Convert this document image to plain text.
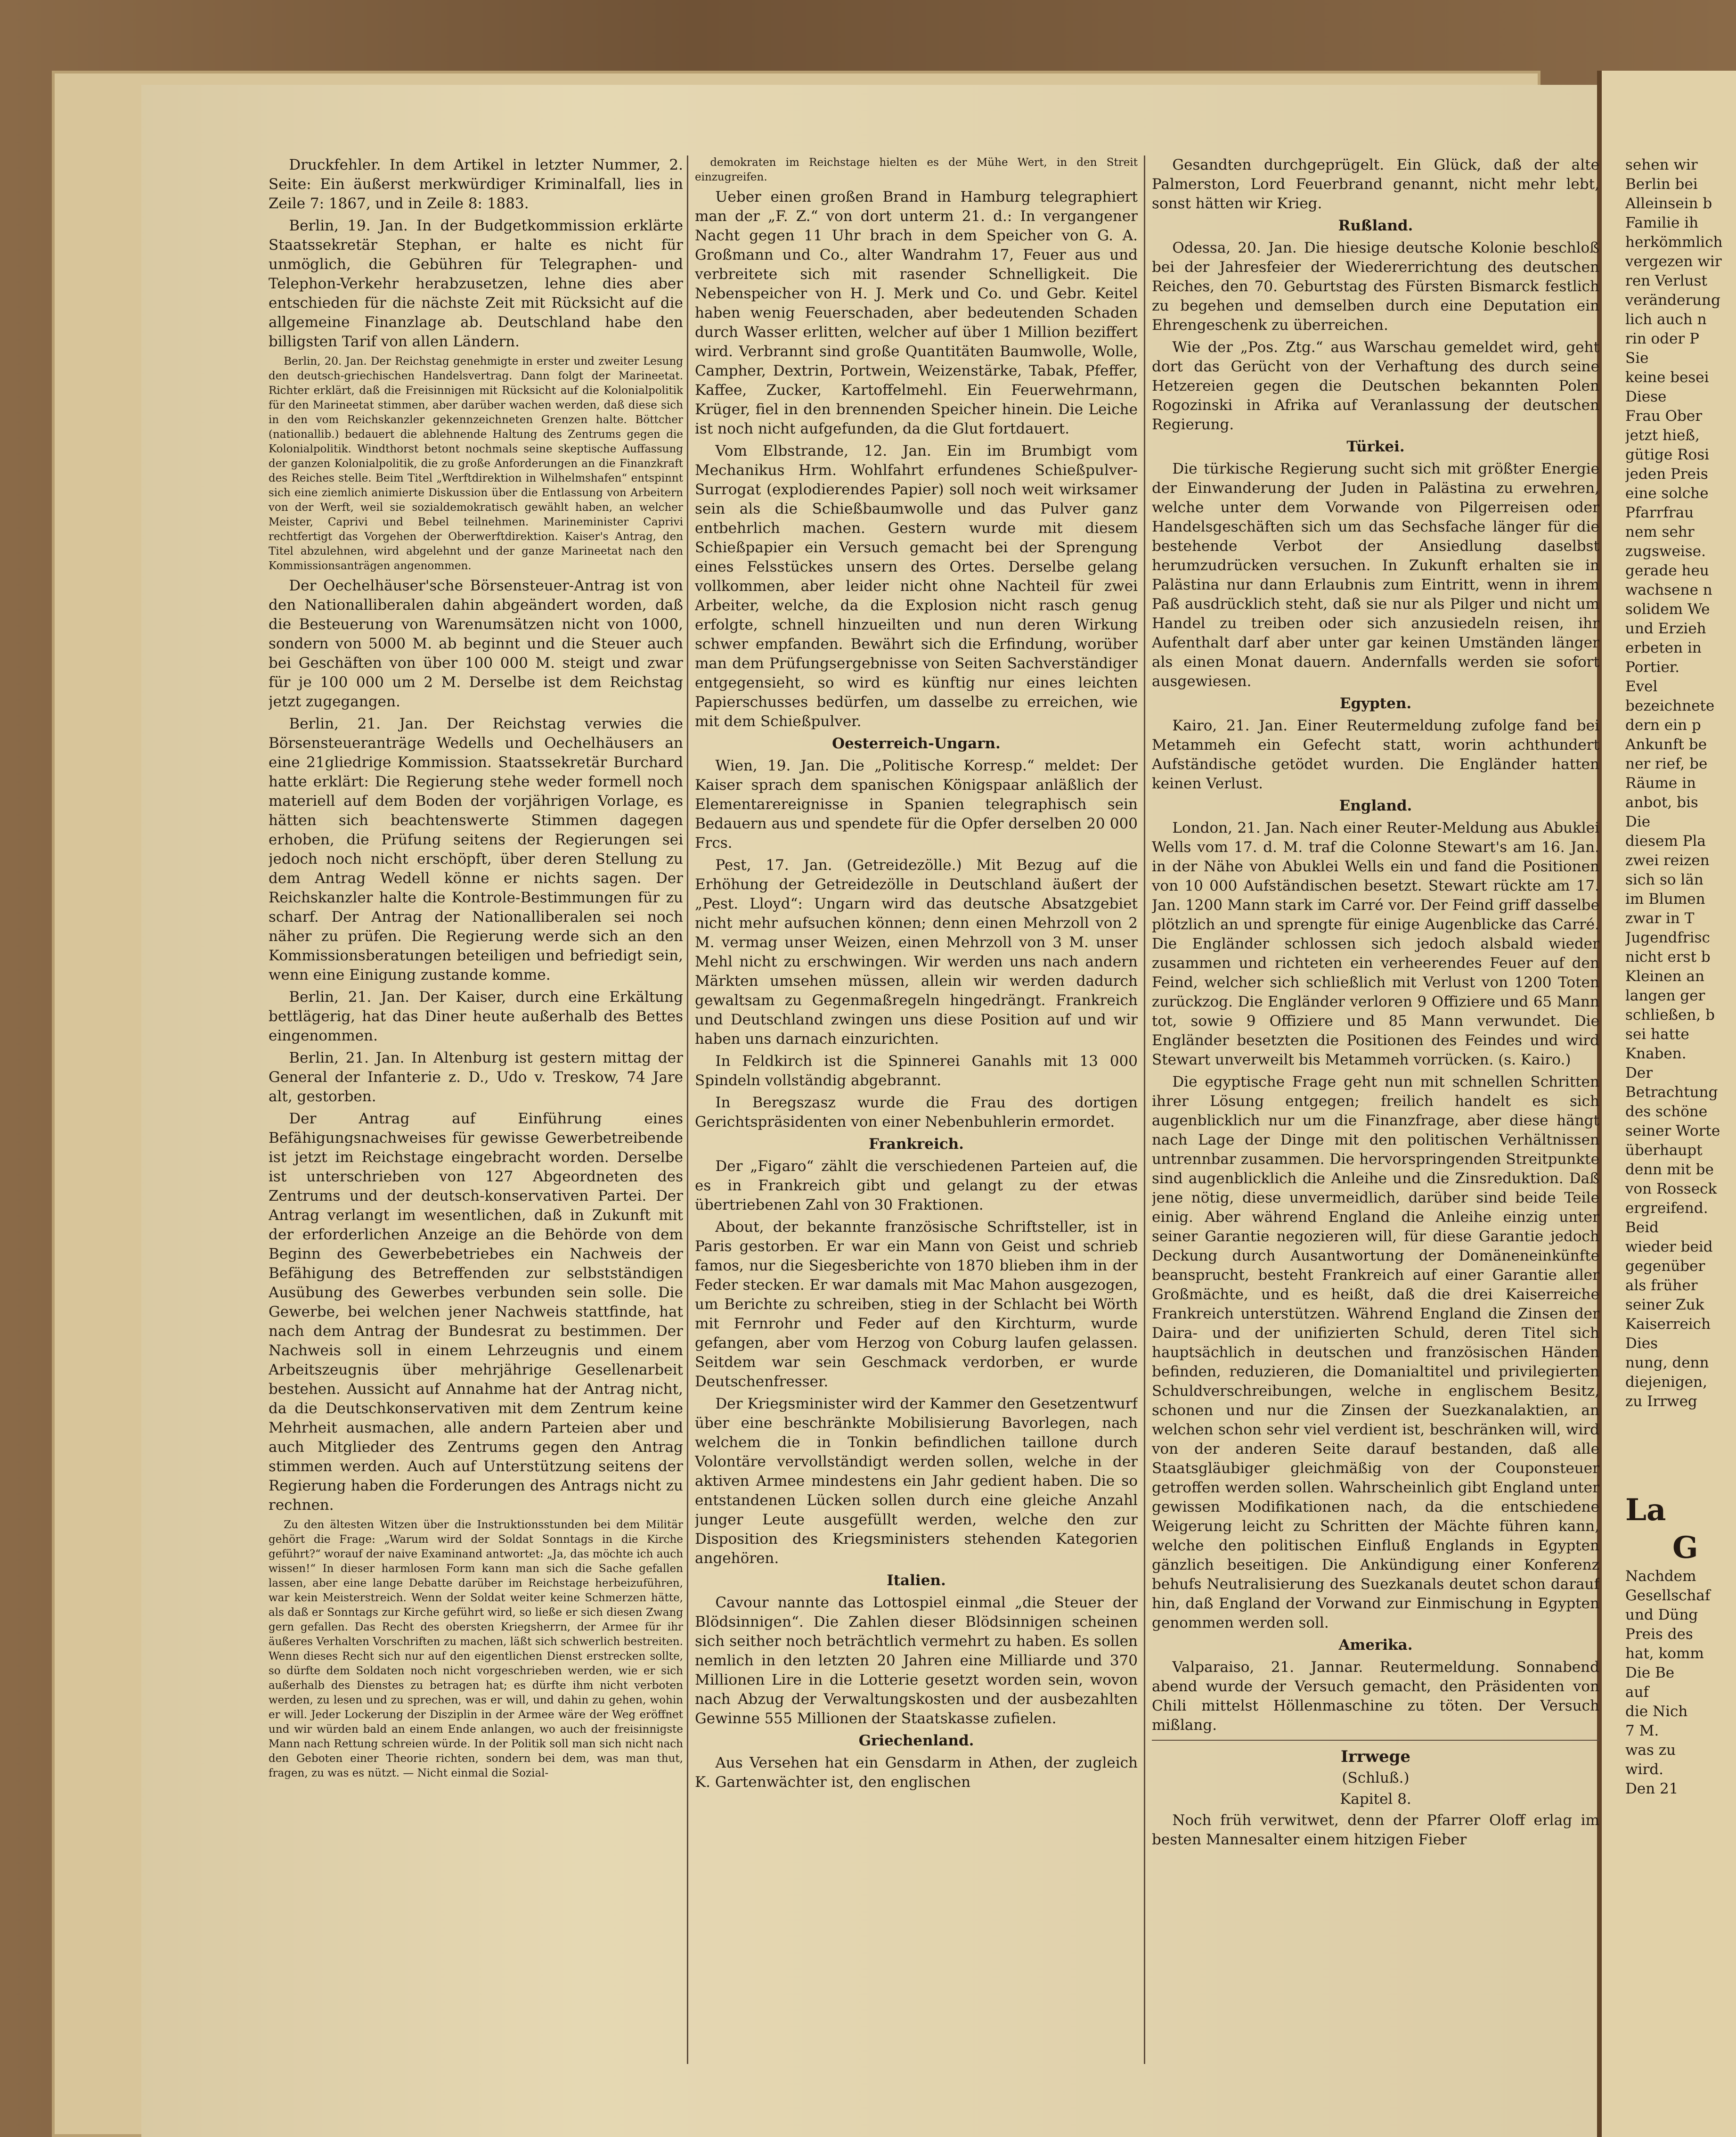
Druckfehler. In dem Artikel in letzter Nummer, 2. Seite: Ein äußerst merkwürdiger Kriminalfall, lies in Zeile 7: 1867, und in Zeile 8: 1883.

Berlin, 19. Jan. In der Budgetkommission erklärte Staatssekretär Stephan, er halte es nicht für unmöglich, die Gebühren für Telegraphen- und Telephon-Verkehr herabzusetzen, lehne dies aber entschieden für die nächste Zeit mit Rücksicht auf die allgemeine Finanzlage ab. Deutschland habe den billigsten Tarif von allen Ländern.

Berlin, 20. Jan. Der Reichstag genehmigte in erster und zweiter Lesung den deutsch-griechischen Handelsvertrag. Dann folgt der Marineetat. Richter erklärt, daß die Freisinnigen mit Rücksicht auf die Kolonialpolitik für den Marineetat stimmen, aber darüber wachen werden, daß diese sich in den vom Reichskanzler gekennzeichneten Grenzen halte. Böttcher (nationallib.) bedauert die ablehnende Haltung des Zentrums gegen die Kolonialpolitik. Windthorst betont nochmals seine skeptische Auffassung der ganzen Kolonialpolitik, die zu große Anforderungen an die Finanzkraft des Reiches stelle. Beim Titel „Werftdirektion in Wilhelmshafen“ entspinnt sich eine ziemlich animierte Diskussion über die Entlassung von Arbeitern von der Werft, weil sie sozialdemokratisch gewählt haben, an welcher Meister, Caprivi und Bebel teilnehmen. Marineminister Caprivi rechtfertigt das Vorgehen der Oberwerftdirektion. Kaiser's Antrag, den Titel abzulehnen, wird abgelehnt und der ganze Marineetat nach den Kommissionsanträgen angenommen.

Der Oechelhäuser'sche Börsensteuer-Antrag ist von den Nationalliberalen dahin abgeändert worden, daß die Besteuerung von Warenumsätzen nicht von 1000, sondern von 5000 M. ab beginnt und die Steuer auch bei Geschäften von über 100 000 M. steigt und zwar für je 100 000 um 2 M. Derselbe ist dem Reichstag jetzt zugegangen.

Berlin, 21. Jan. Der Reichstag verwies die Börsensteueranträge Wedells und Oechelhäusers an eine 21gliedrige Kommission. Staatssekretär Burchard hatte erklärt: Die Regierung stehe weder formell noch materiell auf dem Boden der vorjährigen Vorlage, es hätten sich beachtenswerte Stimmen dagegen erhoben, die Prüfung seitens der Regierungen sei jedoch noch nicht erschöpft, über deren Stellung zu dem Antrag Wedell könne er nichts sagen. Der Reichskanzler halte die Kontrole-Bestimmungen für zu scharf. Der Antrag der Nationalliberalen sei noch näher zu prüfen. Die Regierung werde sich an den Kommissionsberatungen beteiligen und befriedigt sein, wenn eine Einigung zustande komme.

Berlin, 21. Jan. Der Kaiser, durch eine Erkältung bettlägerig, hat das Diner heute außerhalb des Bettes eingenommen.

Berlin, 21. Jan. In Altenburg ist gestern mittag der General der Infanterie z. D., Udo v. Treskow, 74 Jare alt, gestorben.

Der Antrag auf Einführung eines Befähigungsnachweises für gewisse Gewerbetreibende ist jetzt im Reichstage eingebracht worden. Derselbe ist unterschrieben von 127 Abgeordneten des Zentrums und der deutsch-konservativen Partei. Der Antrag verlangt im wesentlichen, daß in Zukunft mit der erforderlichen Anzeige an die Behörde von dem Beginn des Gewerbebetriebes ein Nachweis der Befähigung des Betreffenden zur selbstständigen Ausübung des Gewerbes verbunden sein solle. Die Gewerbe, bei welchen jener Nachweis stattfinde, hat nach dem Antrag der Bundesrat zu bestimmen. Der Nachweis soll in einem Lehrzeugnis und einem Arbeitszeugnis über mehrjährige Gesellenarbeit bestehen. Aussicht auf Annahme hat der Antrag nicht, da die Deutschkonservativen mit dem Zentrum keine Mehrheit ausmachen, alle andern Parteien aber und auch Mitglieder des Zentrums gegen den Antrag stimmen werden. Auch auf Unterstützung seitens der Regierung haben die Forderungen des Antrags nicht zu rechnen.

Zu den ältesten Witzen über die Instruktionsstunden bei dem Militär gehört die Frage: „Warum wird der Soldat Sonntags in die Kirche geführt?“ worauf der naive Examinand antwortet: „Ja, das möchte ich auch wissen!“ In dieser harmlosen Form kann man sich die Sache gefallen lassen, aber eine lange Debatte darüber im Reichstage herbeizuführen, war kein Meisterstreich. Wenn der Soldat weiter keine Schmerzen hätte, als daß er Sonntags zur Kirche geführt wird, so ließe er sich diesen Zwang gern gefallen. Das Recht des obersten Kriegsherrn, der Armee für ihr äußeres Verhalten Vorschriften zu machen, läßt sich schwerlich bestreiten. Wenn dieses Recht sich nur auf den eigentlichen Dienst erstrecken sollte, so dürfte dem Soldaten noch nicht vorgeschrieben werden, wie er sich außerhalb des Dienstes zu betragen hat; es dürfte ihm nicht verboten werden, zu lesen und zu sprechen, was er will, und dahin zu gehen, wohin er will. Jeder Lockerung der Disziplin in der Armee wäre der Weg eröffnet und wir würden bald an einem Ende anlangen, wo auch der freisinnigste Mann nach Rettung schreien würde. In der Politik soll man sich nicht nach den Geboten einer Theorie richten, sondern bei dem, was man thut, fragen, zu was es nützt. — Nicht einmal die Sozial-

demokraten im Reichstage hielten es der Mühe Wert, in den Streit einzugreifen.

Ueber einen großen Brand in Hamburg telegraphiert man der „F. Z.“ von dort unterm 21. d.: In vergangener Nacht gegen 11 Uhr brach in dem Speicher von G. A. Großmann und Co., alter Wandrahm 17, Feuer aus und verbreitete sich mit rasender Schnelligkeit. Die Nebenspeicher von H. J. Merk und Co. und Gebr. Keitel haben wenig Feuerschaden, aber bedeutenden Schaden durch Wasser erlitten, welcher auf über 1 Million beziffert wird. Verbrannt sind große Quantitäten Baumwolle, Wolle, Campher, Dextrin, Portwein, Weizenstärke, Tabak, Pfeffer, Kaffee, Zucker, Kartoffelmehl. Ein Feuerwehrmann, Krüger, fiel in den brennenden Speicher hinein. Die Leiche ist noch nicht aufgefunden, da die Glut fortdauert.

Vom Elbstrande, 12. Jan. Ein im Brumbigt vom Mechanikus Hrm. Wohlfahrt erfundenes Schießpulver-Surrogat (explodierendes Papier) soll noch weit wirksamer sein als die Schießbaumwolle und das Pulver ganz entbehrlich machen. Gestern wurde mit diesem Schießpapier ein Versuch gemacht bei der Sprengung eines Felsstückes unsern des Ortes. Derselbe gelang vollkommen, aber leider nicht ohne Nachteil für zwei Arbeiter, welche, da die Explosion nicht rasch genug erfolgte, schnell hinzueilten und nun deren Wirkung schwer empfanden. Bewährt sich die Erfindung, worüber man dem Prüfungsergebnisse von Seiten Sachverständiger entgegensieht, so wird es künftig nur eines leichten Papierschusses bedürfen, um dasselbe zu erreichen, wie mit dem Schießpulver.

Oesterreich-Ungarn.

Wien, 19. Jan. Die „Politische Korresp.“ meldet: Der Kaiser sprach dem spanischen Königspaar anläßlich der Elementarereignisse in Spanien telegraphisch sein Bedauern aus und spendete für die Opfer derselben 20 000 Frcs.

Pest, 17. Jan. (Getreidezölle.) Mit Bezug auf die Erhöhung der Getreidezölle in Deutschland äußert der „Pest. Lloyd“: Ungarn wird das deutsche Absatzgebiet nicht mehr aufsuchen können; denn einen Mehrzoll von 2 M. vermag unser Weizen, einen Mehrzoll von 3 M. unser Mehl nicht zu erschwingen. Wir werden uns nach andern Märkten umsehen müssen, allein wir werden dadurch gewaltsam zu Gegenmaßregeln hingedrängt. Frankreich und Deutschland zwingen uns diese Position auf und wir haben uns darnach einzurichten.

In Feldkirch ist die Spinnerei Ganahls mit 13 000 Spindeln vollständig abgebrannt.

In Beregszasz wurde die Frau des dortigen Gerichtspräsidenten von einer Nebenbuhlerin ermordet.

Frankreich.

Der „Figaro“ zählt die verschiedenen Parteien auf, die es in Frankreich gibt und gelangt zu der etwas übertriebenen Zahl von 30 Fraktionen.

About, der bekannte französische Schriftsteller, ist in Paris gestorben. Er war ein Mann von Geist und schrieb famos, nur die Siegesberichte von 1870 blieben ihm in der Feder stecken. Er war damals mit Mac Mahon ausgezogen, um Berichte zu schreiben, stieg in der Schlacht bei Wörth mit Fernrohr und Feder auf den Kirchturm, wurde gefangen, aber vom Herzog von Coburg laufen gelassen. Seitdem war sein Geschmack verdorben, er wurde Deutschenfresser.

Der Kriegsminister wird der Kammer den Gesetzentwurf über eine beschränkte Mobilisierung Bavorlegen, nach welchem die in Tonkin befindlichen taillone durch Volontäre vervollständigt werden sollen, welche in der aktiven Armee mindestens ein Jahr gedient haben. Die so entstandenen Lücken sollen durch eine gleiche Anzahl junger Leute ausgefüllt werden, welche den zur Disposition des Kriegsministers stehenden Kategorien angehören.

Italien.

Cavour nannte das Lottospiel einmal „die Steuer der Blödsinnigen“. Die Zahlen dieser Blödsinnigen scheinen sich seither noch beträchtlich vermehrt zu haben. Es sollen nemlich in den letzten 20 Jahren eine Milliarde und 370 Millionen Lire in die Lotterie gesetzt worden sein, wovon nach Abzug der Verwaltungskosten und der ausbezahlten Gewinne 555 Millionen der Staatskasse zufielen.

Griechenland.

Aus Versehen hat ein Gensdarm in Athen, der zugleich K. Gartenwächter ist, den englischen

Gesandten durchgeprügelt. Ein Glück, daß der alte Palmerston, Lord Feuerbrand genannt, nicht mehr lebt, sonst hätten wir Krieg.

Rußland.

Odessa, 20. Jan. Die hiesige deutsche Kolonie beschloß bei der Jahresfeier der Wiedererrichtung des deutschen Reiches, den 70. Geburtstag des Fürsten Bismarck festlich zu begehen und demselben durch eine Deputation ein Ehrengeschenk zu überreichen.

Wie der „Pos. Ztg.“ aus Warschau gemeldet wird, geht dort das Gerücht von der Verhaftung des durch seine Hetzereien gegen die Deutschen bekannten Polen Rogozinski in Afrika auf Veranlassung der deutschen Regierung.

Türkei.

Die türkische Regierung sucht sich mit größter Energie der Einwanderung der Juden in Palästina zu erwehren, welche unter dem Vorwande von Pilgerreisen oder Handelsgeschäften sich um das Sechsfache länger für die bestehende Verbot der Ansiedlung daselbst herumzudrücken versuchen. In Zukunft erhalten sie in Palästina nur dann Erlaubnis zum Eintritt, wenn in ihrem Paß ausdrücklich steht, daß sie nur als Pilger und nicht um Handel zu treiben oder sich anzusiedeln reisen, ihr Aufenthalt darf aber unter gar keinen Umständen länger als einen Monat dauern. Andernfalls werden sie sofort ausgewiesen.

Egypten.

Kairo, 21. Jan. Einer Reutermeldung zufolge fand bei Metammeh ein Gefecht statt, worin achthundert Aufständische getödet wurden. Die Engländer hatten keinen Verlust.

England.

London, 21. Jan. Nach einer Reuter-Meldung aus Abuklei Wells vom 17. d. M. traf die Colonne Stewart's am 16. Jan. in der Nähe von Abuklei Wells ein und fand die Positionen von 10 000 Aufständischen besetzt. Stewart rückte am 17. Jan. 1200 Mann stark im Carré vor. Der Feind griff dasselbe plötzlich an und sprengte für einige Augenblicke das Carré. Die Engländer schlossen sich jedoch alsbald wieder zusammen und richteten ein verheerendes Feuer auf den Feind, welcher sich schließlich mit Verlust von 1200 Toten zurückzog. Die Engländer verloren 9 Offiziere und 65 Mann tot, sowie 9 Offiziere und 85 Mann verwundet. Die Engländer besetzten die Positionen des Feindes und wird Stewart unverweilt bis Metammeh vorrücken. (s. Kairo.)

Die egyptische Frage geht nun mit schnellen Schritten ihrer Lösung entgegen; freilich handelt es sich augenblicklich nur um die Finanzfrage, aber diese hängt nach Lage der Dinge mit den politischen Verhältnissen untrennbar zusammen. Die hervorspringenden Streitpunkte sind augenblicklich die Anleihe und die Zinsreduktion. Daß jene nötig, diese unvermeidlich, darüber sind beide Teile einig. Aber während England die Anleihe einzig unter seiner Garantie negozieren will, für diese Garantie jedoch Deckung durch Ausantwortung der Domäneneinkünfte beansprucht, besteht Frankreich auf einer Garantie aller Großmächte, und es heißt, daß die drei Kaiserreiche Frankreich unterstützen. Während England die Zinsen der Daira- und der unifizierten Schuld, deren Titel sich hauptsächlich in deutschen und französischen Händen befinden, reduzieren, die Domanialtitel und privilegierten Schuldverschreibungen, welche in englischem Besitz, schonen und nur die Zinsen der Suezkanalaktien, an welchen schon sehr viel verdient ist, beschränken will, wird von der anderen Seite darauf bestanden, daß alle Staatsgläubiger gleichmäßig von der Couponsteuer getroffen werden sollen. Wahrscheinlich gibt England unter gewissen Modifikationen nach, da die entschiedene Weigerung leicht zu Schritten der Mächte führen kann, welche den politischen Einfluß Englands in Egypten gänzlich beseitigen. Die Ankündigung einer Konferenz behufs Neutralisierung des Suezkanals deutet schon darauf hin, daß England der Vorwand zur Einmischung in Egypten genommen werden soll.

Amerika.

Valparaiso, 21. Jannar. Reutermeldung. Sonnabend abend wurde der Versuch gemacht, den Präsidenten von Chili mittelst Höllenmaschine zu töten. Der Versuch mißlang.

Irrwege
(Schluß.)
Kapitel 8.

Noch früh verwitwet, denn der Pfarrer Oloff erlag im besten Mannesalter einem hitzigen Fieber

sehen wir
Berlin bei
Alleinsein b
Familie ih
herkömmlich
vergezen wir
ren Verlust
veränderung
lich auch n
rin oder P
Sie
keine besei
Diese
Frau Ober
jetzt hieß,
gütige Rosi
jeden Preis
eine solche
Pfarrfrau
nem sehr
zugsweise.
gerade heu
wachsene n
solidem We
und Erzieh
erbeten in
Portier.
Evel
bezeichnete
dern ein p
Ankunft be
ner rief, be
Räume in
anbot, bis
Die
diesem Pla
zwei reizen
sich so län
im Blumen
zwar in T
Jugendfrisc
nicht erst b
Kleinen an
langen ger
schließen, b
sei hatte
Knaben.
Der
Betrachtung
des schöne
seiner Worte
überhaupt
denn mit be
von Rosseck
ergreifend.
Beid
wieder beid
gegenüber
als früher
seiner Zuk
Kaiserreich
Dies
nung, denn
diejenigen,
zu Irrweg
La
G
Nachdem
Gesellschaf
und Düng
Preis des
hat, komm
Die Be
auf
die Nich
7 M.
was zu
wird.
Den 21
